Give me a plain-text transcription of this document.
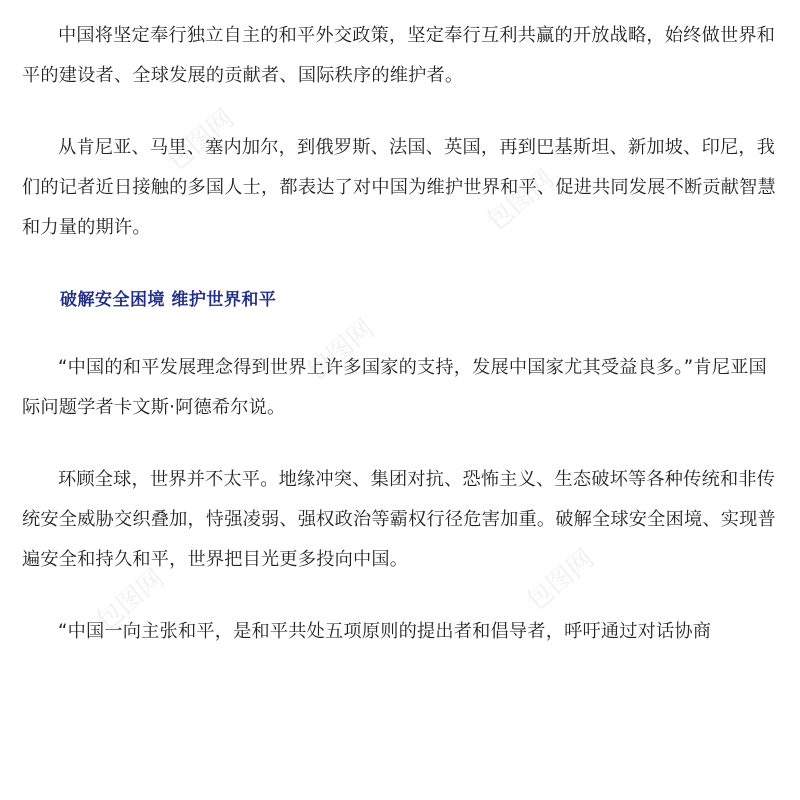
包图网
包图网
包图网
包图网	包图网

中国将坚定奉行独立自主的和平外交政策，坚定奉行互利共赢的开放战略，始终做世界和平的建设者、全球发展的贡献者、国际秩序的维护者。

从肯尼亚、马里、塞内加尔，到俄罗斯、法国、英国，再到巴基斯坦、新加坡、印尼，我们的记者近日接触的多国人士，都表达了对中国为维护世界和平、促进共同发展不断贡献智慧和力量的期许。

破解安全困境 维护世界和平

“中国的和平发展理念得到世界上许多国家的支持，发展中国家尤其受益良多。”肯尼亚国际问题学者卡文斯·阿德希尔说。

环顾全球，世界并不太平。地缘冲突、集团对抗、恐怖主义、生态破坏等各种传统和非传统安全威胁交织叠加，恃强凌弱、强权政治等霸权行径危害加重。破解全球安全困境、实现普遍安全和持久和平，世界把目光更多投向中国。

“中国一向主张和平，是和平共处五项原则的提出者和倡导者，呼吁通过对话协商
